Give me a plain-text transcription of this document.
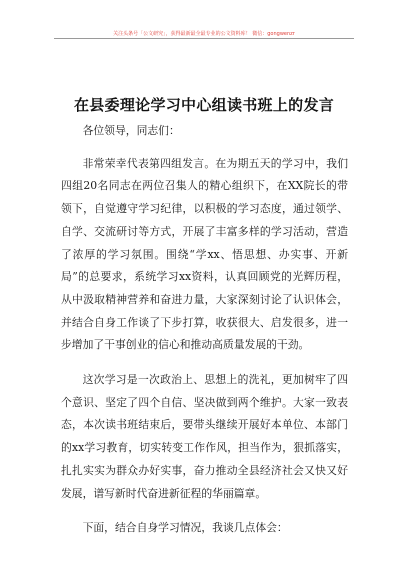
关注头条号「公文研究」，获得最新最全最专业的公文资料库！ 微信：gongwenzr
在县委理论学习中心组读书班上的发言

各位领导，同志们：

非常荣幸代表第四组发言。在为期五天的学习中，我们四组20名同志在两位召集人的精心组织下，在XX院长的带领下，自觉遵守学习纪律，以积极的学习态度，通过领学、自学、交流研讨等方式，开展了丰富多样的学习活动，营造了浓厚的学习氛围。围绕“学xx、悟思想、办实事、开新局”的总要求，系统学习xx资料，认真回顾党的光辉历程，从中汲取精神营养和奋进力量，大家深刻讨论了认识体会，并结合自身工作谈了下步打算，收获很大、启发很多，进一步增加了干事创业的信心和推动高质量发展的干劲。

这次学习是一次政治上、思想上的洗礼，更加树牢了四个意识、坚定了四个自信、坚决做到两个维护。大家一致表态，本次读书班结束后，要带头继续开展好本单位、本部门的xx学习教育，切实转变工作作风，担当作为，狠抓落实，扎扎实实为群众办好实事，奋力推动全县经济社会又快又好发展，谱写新时代奋进新征程的华丽篇章。

下面，结合自身学习情况，我谈几点体会：
